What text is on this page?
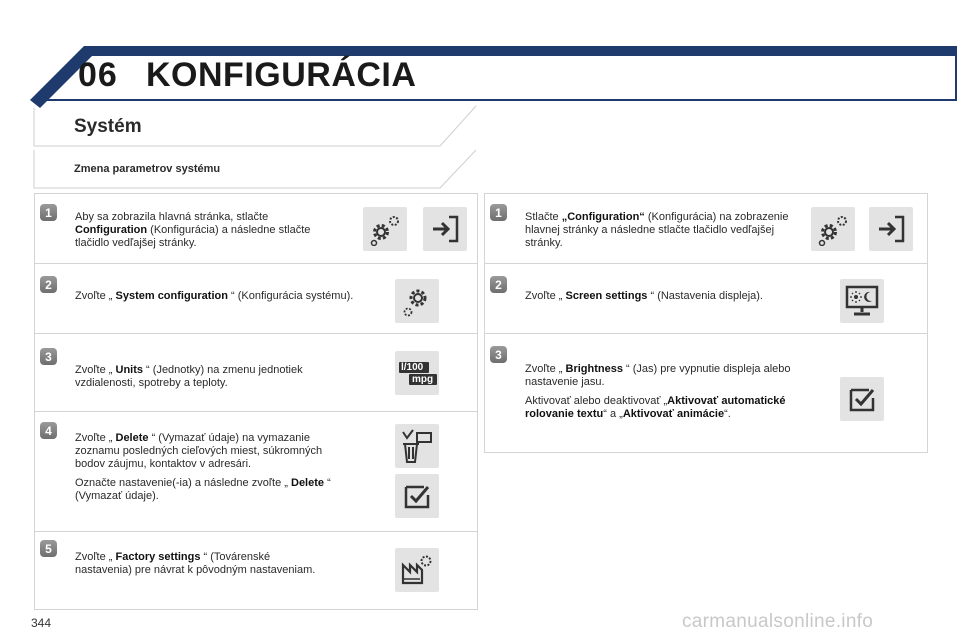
06 KONFIGURÁCIA
Systém
Zmena parametrov systému
1	Aby sa zobrazila hlavná stránka, stlačte Configuration (Konfigurácia) a následne stlačte tlačidlo vedľajšej stránky.
2
Zvoľte „ System configuration “ (Konfigurácia systému).
3
Zvoľte „ Units “ (Jednotky) na zmenu jednotiek vzdialenosti, spotreby a teploty.
l/100
mpg
4

Zvoľte „ Delete “ (Vymazať údaje) na vymazanie zoznamu posledných cieľových miest, súkromných bodov záujmu, kontaktov v adresári.

Označte nastavenie(-ia) a následne zvoľte „ Delete “ (Vymazať údaje).

5
Zvoľte „ Factory settings “ (Továrenské nastavenia) pre návrat k pôvodným nastaveniam.
1	Stlačte „Configuration“ (Konfigurácia) na zobrazenie hlavnej stránky a následne stlačte tlačidlo vedľajšej stránky.
2
Zvoľte „ Screen settings “ (Nastavenia displeja).
3

Zvoľte „ Brightness “ (Jas) pre vypnutie displeja alebo nastavenie jasu.

Aktivovať alebo deaktivovať „Aktivovať automatické rolovanie textu“ a „Aktivovať animácie“.

344	carmanualsonline.info
